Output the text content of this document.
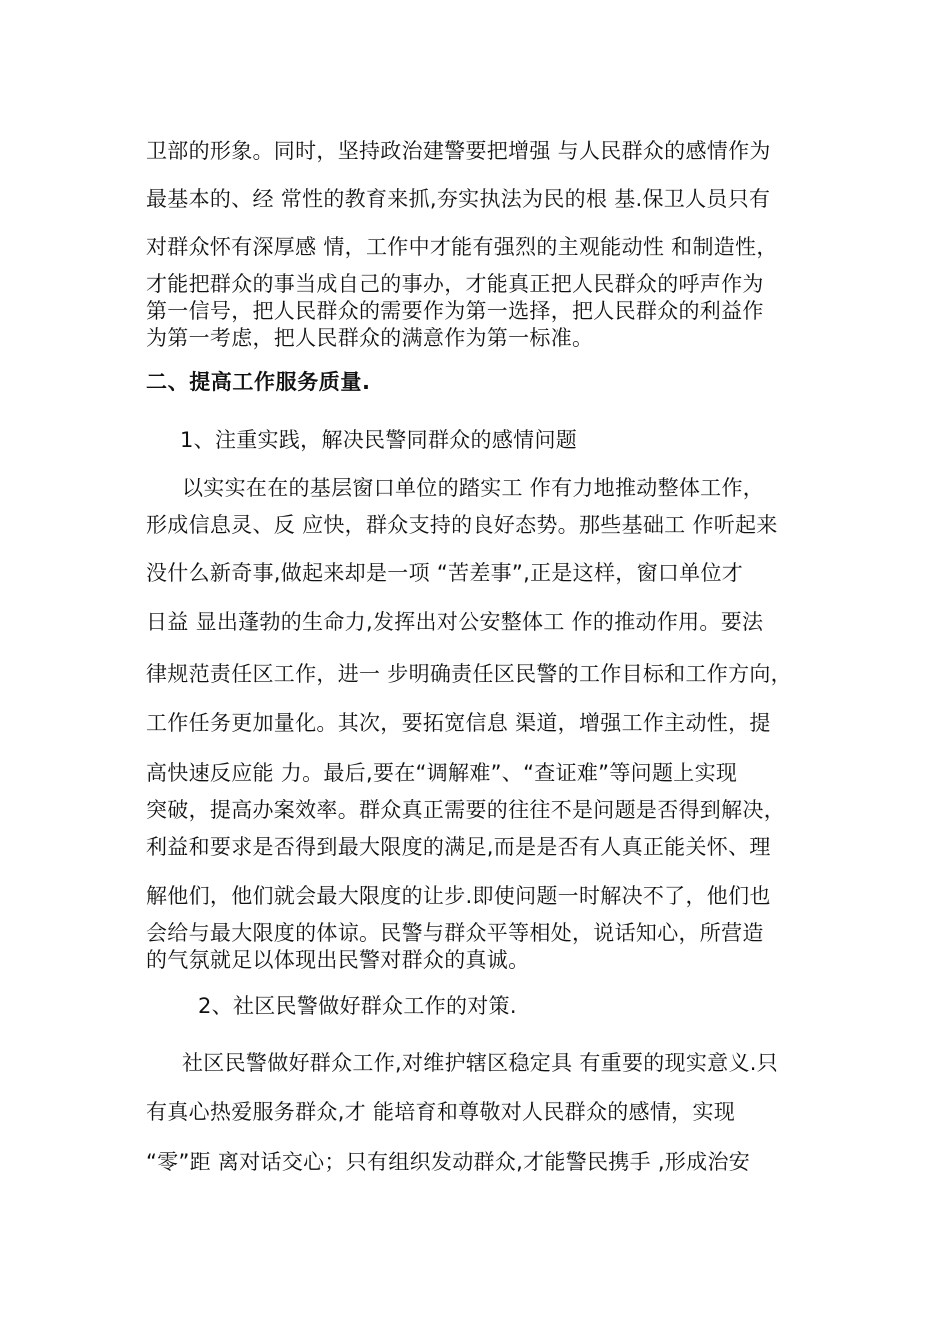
卫部的形象。同时，坚持政治建警要把增强 与人民群众的感情作为
最基本的、经 常性的教育来抓,夯实执法为民的根 基.保卫人员只有
对群众怀有深厚感 情，工作中才能有强烈的主观能动性 和制造性，
才能把群众的事当成自己的事办，才能真正把人民群众的呼声作为
第一信号，把人民群众的需要作为第一选择，把人民群众的利益作
为第一考虑，把人民群众的满意作为第一标准。
二、提高工作服务质量.
1、注重实践，解决民警同群众的感情问题
以实实在在的基层窗口单位的踏实工 作有力地推动整体工作，
形成信息灵、反 应快，群众支持的良好态势。那些基础工 作听起来
没什么新奇事,做起来却是一项 “苦差事”,正是这样，窗口单位才
日益 显出蓬勃的生命力,发挥出对公安整体工 作的推动作用。要法
律规范责任区工作，进一 步明确责任区民警的工作目标和工作方向，
工作任务更加量化。其次，要拓宽信息 渠道，增强工作主动性，提
高快速反应能 力。最后,要在“调解难”、“查证难”等问题上实现
突破，提高办案效率。群众真正需要的往往不是问题是否得到解决，
利益和要求是否得到最大限度的满足,而是是否有人真正能关怀、理
解他们，他们就会最大限度的让步.即使问题一时解决不了，他们也
会给与最大限度的体谅。民警与群众平等相处，说话知心，所营造
的气氛就足以体现出民警对群众的真诚。
2、社区民警做好群众工作的对策.
社区民警做好群众工作,对维护辖区稳定具 有重要的现实意义.只
有真心热爱服务群众,才 能培育和尊敬对人民群众的感情，实现
“零”距 离对话交心；只有组织发动群众,才能警民携手 ,形成治安
